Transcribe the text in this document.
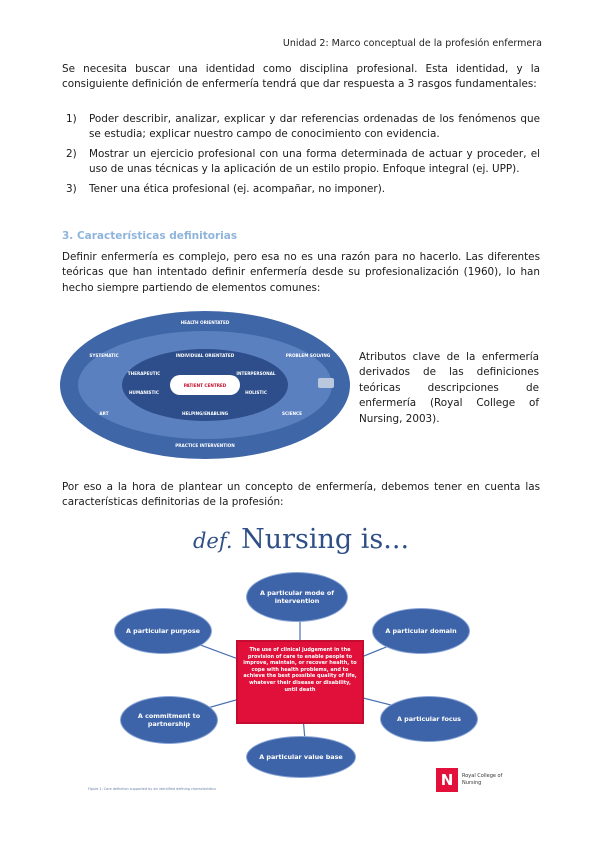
Unidad 2: Marco conceptual de la profesión enfermera

Se necesita buscar una identidad como disciplina profesional. Esta identidad, y la consiguiente definición de enfermería tendrá que dar respuesta a 3 rasgos fundamentales:

1) Poder describir, analizar, explicar y dar referencias ordenadas de los fenómenos que se estudia; explicar nuestro campo de conocimiento con evidencia.
2) Mostrar un ejercicio profesional con una forma determinada de actuar y proceder, el uso de unas técnicas y la aplicación de un estilo propio. Enfoque integral (ej. UPP).
3) Tener una ética profesional (ej. acompañar, no imponer).
3. Características definitorias

Definir enfermería es complejo, pero esa no es una razón para no hacerlo. Las diferentes teóricas que han intentado definir enfermería desde su profesionalización (1960), lo han hecho siempre partiendo de elementos comunes:

PATIENT CENTRED
HEALTH ORIENTATED
SYSTEMATIC	PROBLEM SOLVING
ART	SCIENCE
PRACTICE INTERVENTION
INDIVIDUAL ORIENTATED
THERAPEUTIC	INTERPERSONAL
HUMANISTIC	HOLISTIC
HELPING/ENABLING

Atributos clave de la enfermería derivados de las definiciones teóricas descripciones de enfermería (Royal College of Nursing, 2003).

Por eso a la hora de plantear un concepto de enfermería, debemos tener en cuenta las características definitorias de la profesión:

def. Nursing is...
A particular mode of intervention
A particular purpose	A particular domain
A commitment to partnership
A particular focus
A particular value base
The use of clinical judgement in the provision of care to enable people to improve, maintain, or recover health, to cope with health problems, and to achieve the best possible quality of life, whatever their disease or disability, until death
Figure 1: Core definition supported by six identified defining characteristics	N	Royal College of Nursing
